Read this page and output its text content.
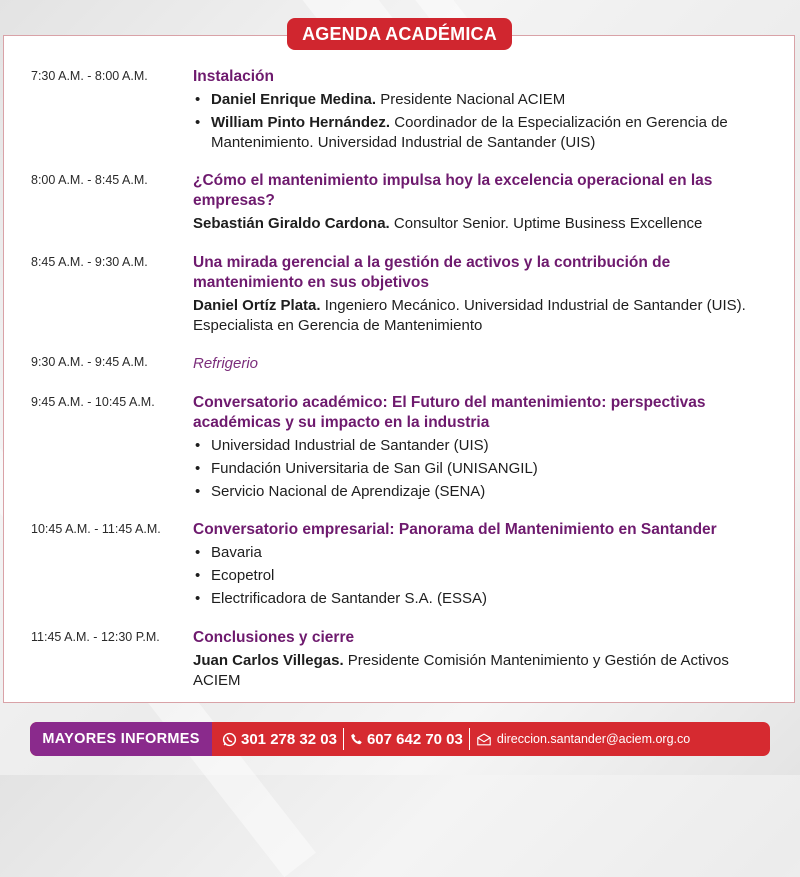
AGENDA ACADÉMICA
7:30 A.M. - 8:00 A.M.	Instalación
• Daniel Enrique Medina. Presidente Nacional ACIEM
• William Pinto Hernández. Coordinador de la Especialización en Gerencia de Mantenimiento. Universidad Industrial de Santander (UIS)
8:00 A.M. - 8:45 A.M.	¿Cómo el mantenimiento impulsa hoy la excelencia operacional en las empresas?
Sebastián Giraldo Cardona. Consultor Senior. Uptime Business Excellence
8:45 A.M. - 9:30 A.M.	Una mirada gerencial a la gestión de activos y la contribución de mantenimiento en sus objetivos
Daniel Ortíz Plata. Ingeniero Mecánico. Universidad Industrial de Santander (UIS). Especialista en Gerencia de Mantenimiento
9:30 A.M. - 9:45 A.M.	Refrigerio
9:45 A.M. - 10:45 A.M. Conversatorio académico: El Futuro del mantenimiento: perspectivas académicas y su impacto en la industria
• Universidad Industrial de Santander (UIS)
• Fundación Universitaria de San Gil (UNISANGIL)
• Servicio Nacional de Aprendizaje (SENA)
10:45 A.M. - 11:45 A.M. Conversatorio empresarial: Panorama del Mantenimiento en Santander
• Bavaria
• Ecopetrol
• Electrificadora de Santander S.A. (ESSA)
11:45 A.M. - 12:30 P.M. Conclusiones y cierre
Juan Carlos Villegas. Presidente Comisión Mantenimiento y Gestión de Activos ACIEM
MAYORES INFORMES	301 278 32 03 607 642 70 03	direccion.santander@aciem.org.co
